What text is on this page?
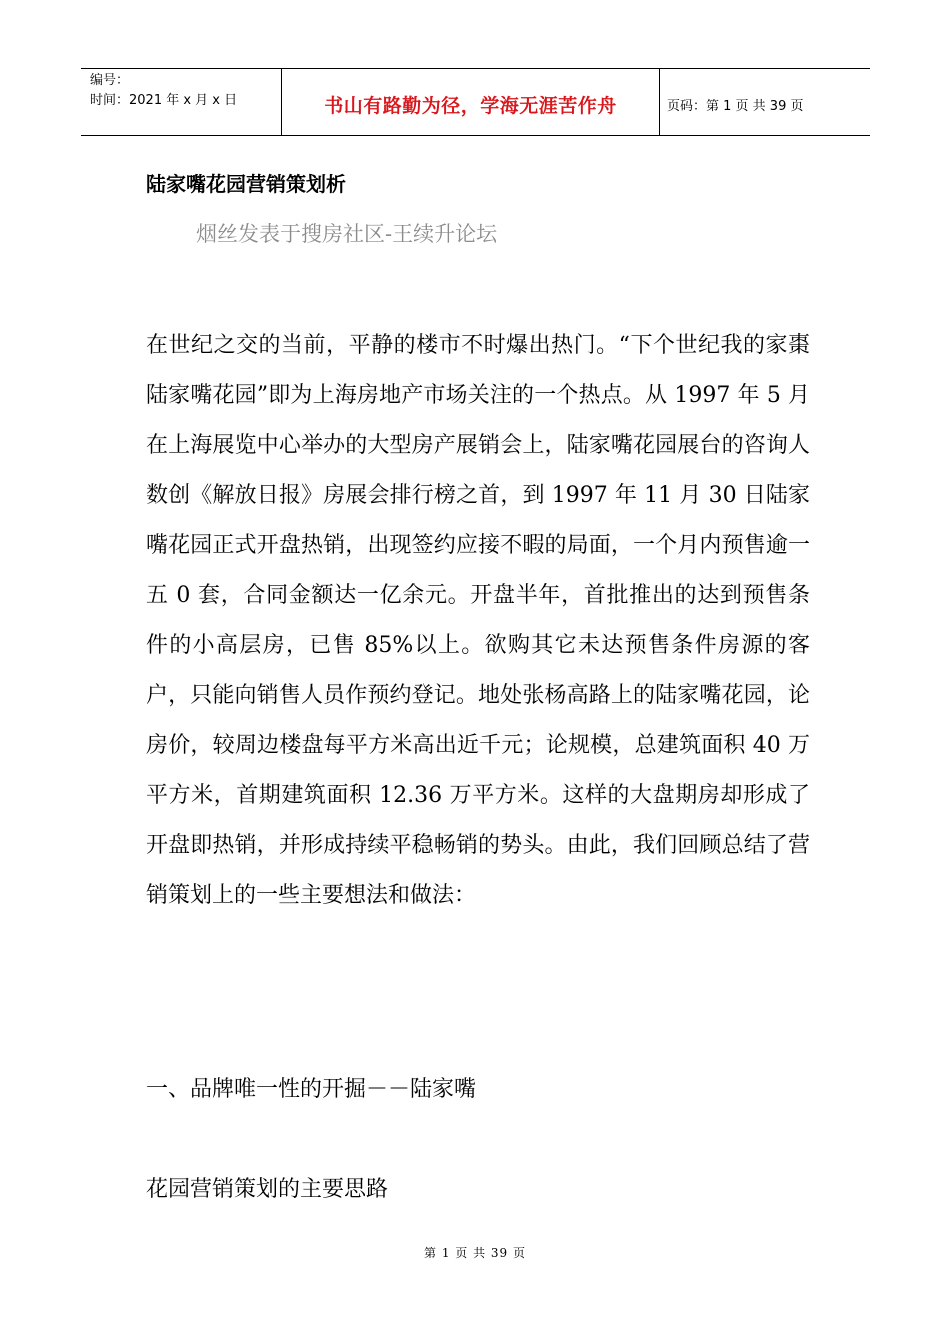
编号：
时间：2021 年 x 月 x 日	书山有路勤为径，学海无涯苦作舟	页码：第 1 页 共 39 页
陆家嘴花园营销策划析
烟丝发表于搜房社区-王续升论坛

在世纪之交的当前，平静的楼市不时爆出热门。“下个世纪我的家棗陆家嘴花园”即为上海房地产市场关注的一个热点。从 1997 年 5 月在上海展览中心举办的大型房产展销会上，陆家嘴花园展台的咨询人数创《解放日报》房展会排行榜之首，到 1997 年 11 月 30 日陆家嘴花园正式开盘热销，出现签约应接不暇的局面，一个月内预售逾一五 0 套，合同金额达一亿余元。开盘半年，首批推出的达到预售条件的小高层房，已售 85%以上。欲购其它未达预售条件房源的客户，只能向销售人员作预约登记。地处张杨高路上的陆家嘴花园，论房价，较周边楼盘每平方米高出近千元；论规模，总建筑面积 40 万平方米，首期建筑面积 12.36 万平方米。这样的大盘期房却形成了开盘即热销，并形成持续平稳畅销的势头。由此，我们回顾总结了营销策划上的一些主要想法和做法：

一、品牌唯一性的开掘－－陆家嘴
花园营销策划的主要思路
第 1 页 共 39 页
